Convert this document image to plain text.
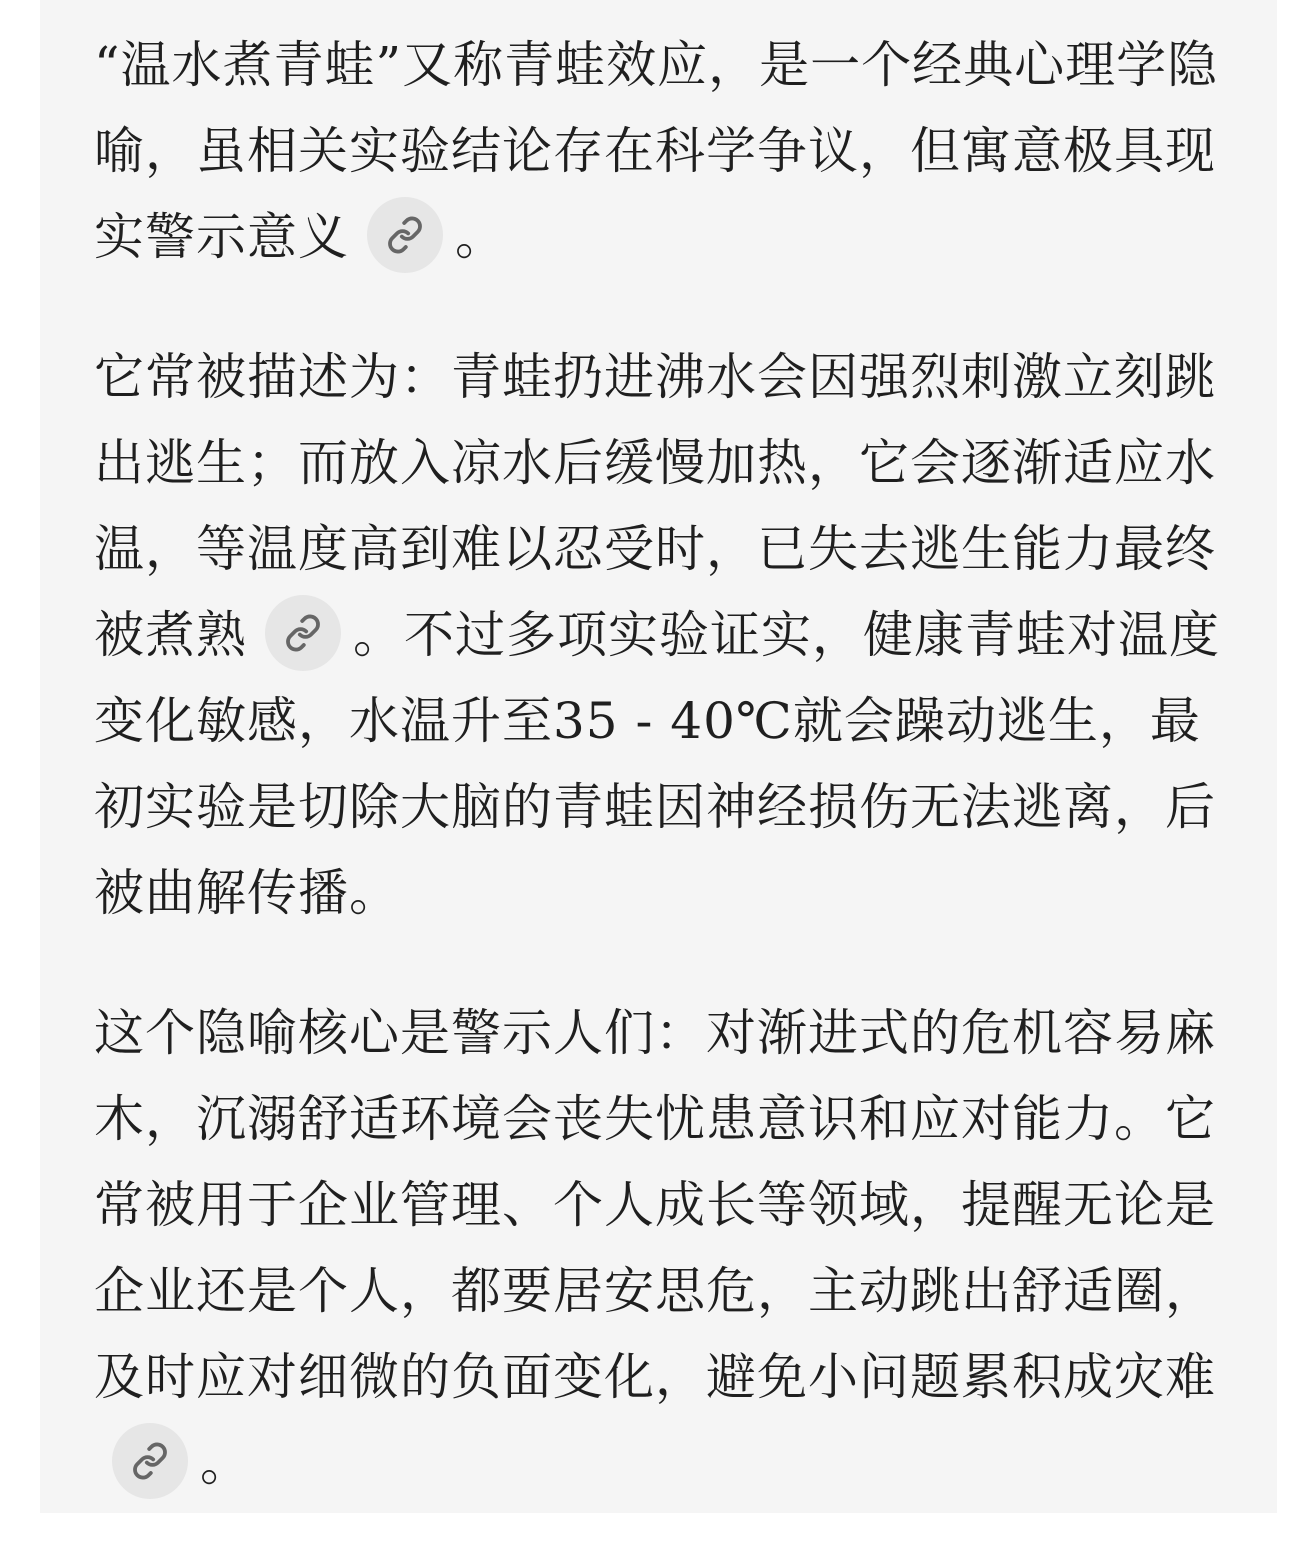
“温水煮青蛙”又称青蛙效应，是一个经典心理学隐喻，虽相关实验结论存在科学争议，但寓意极具现实警示意义 。

它常被描述为：青蛙扔进沸水会因强烈刺激立刻跳出逃生；而放入凉水后缓慢加热，它会逐渐适应水温，等温度高到难以忍受时，已失去逃生能力最终被煮熟 。不过多项实验证实，健康青蛙对温度变化敏感，水温升至35 - 40℃就会躁动逃生，最初实验是切除大脑的青蛙因神经损伤无法逃离，后被曲解传播。

这个隐喻核心是警示人们：对渐进式的危机容易麻木，沉溺舒适环境会丧失忧患意识和应对能力。它常被用于企业管理、个人成长等领域，提醒无论是企业还是个人，都要居安思危，主动跳出舒适圈，及时应对细微的负面变化，避免小问题累积成灾难
。
